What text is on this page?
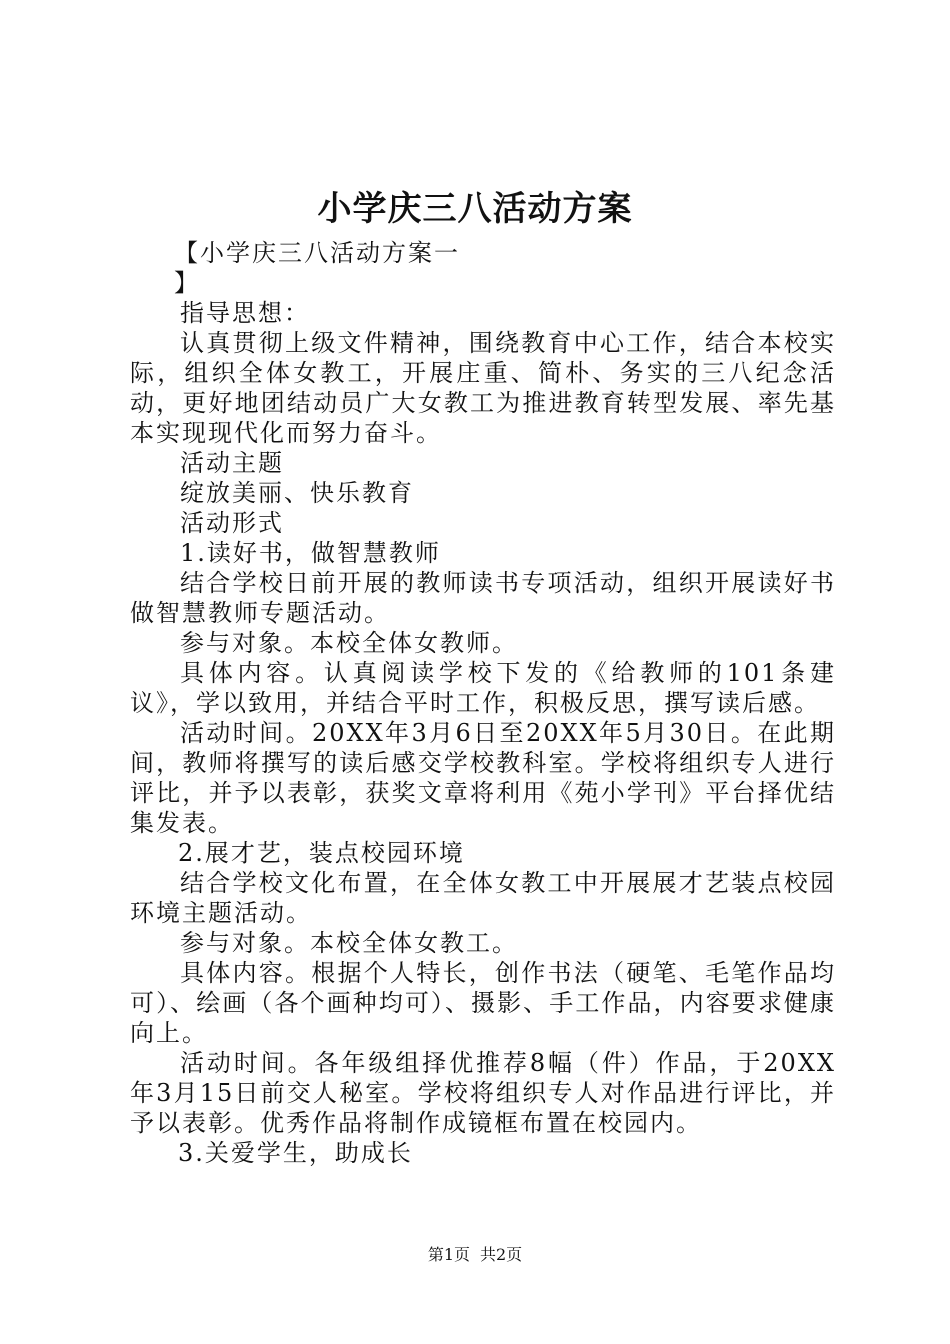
小学庆三八活动方案

【小学庆三八活动方案一

】

指导思想：

认真贯彻上级文件精神，围绕教育中心工作，结合本校实际，组织全体女教工，开展庄重、简朴、务实的三八纪念活动，更好地团结动员广大女教工为推进教育转型发展、率先基本实现现代化而努力奋斗。

活动主题

绽放美丽、快乐教育

活动形式

1.读好书，做智慧教师

结合学校日前开展的教师读书专项活动，组织开展读好书做智慧教师专题活动。

参与对象。本校全体女教师。

具体内容。认真阅读学校下发的《给教师的101条建议》，学以致用，并结合平时工作，积极反思，撰写读后感。

活动时间。20XX年3月6日至20XX年5月30日。在此期间，教师将撰写的读后感交学校教科室。学校将组织专人进行评比，并予以表彰，获奖文章将利用《苑小学刊》平台择优结集发表。

2.展才艺，装点校园环境

结合学校文化布置，在全体女教工中开展展才艺装点校园环境主题活动。

参与对象。本校全体女教工。

具体内容。根据个人特长，创作书法（硬笔、毛笔作品均可）、绘画（各个画种均可）、摄影、手工作品，内容要求健康向上。

活动时间。各年级组择优推荐8幅（件）作品，于20XX年3月15日前交人秘室。学校将组织专人对作品进行评比，并予以表彰。优秀作品将制作成镜框布置在校园内。

3.关爱学生，助成长

第1页 共2页
